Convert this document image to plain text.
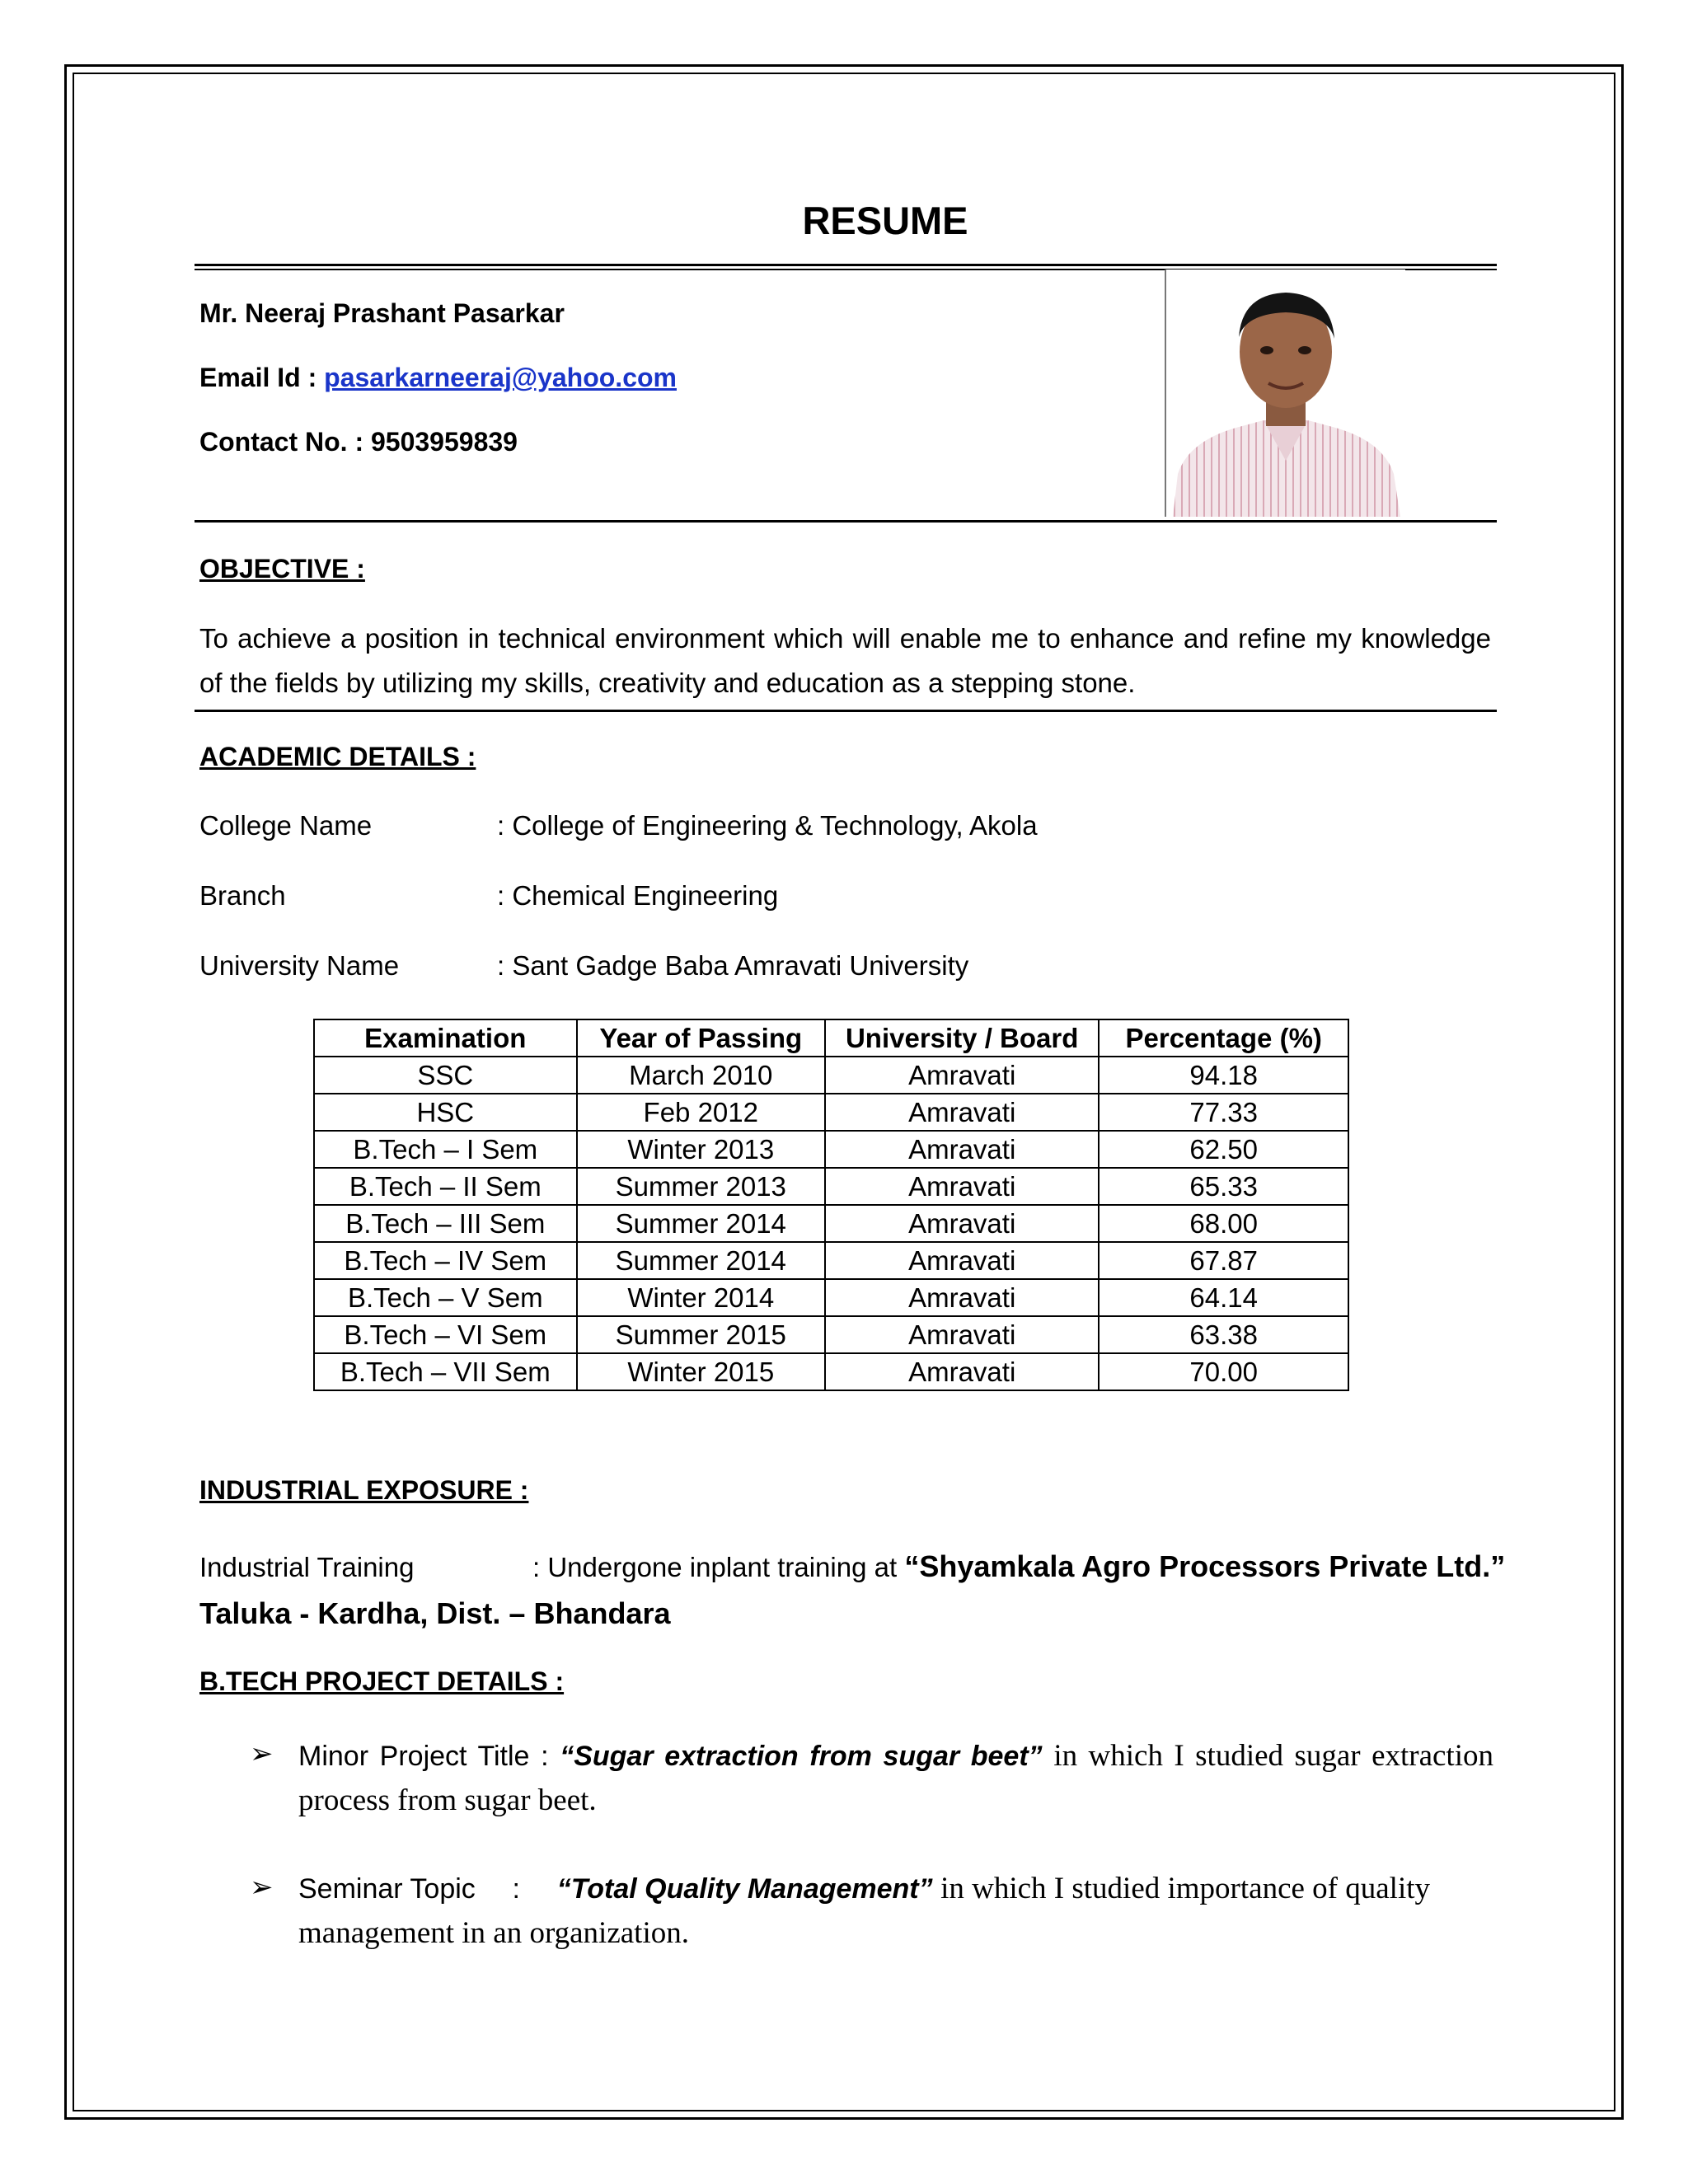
RESUME
Mr. Neeraj Prashant Pasarkar
Email Id : pasarkarneeraj@yahoo.com
Contact No. : 9503959839
OBJECTIVE :
To achieve a position in technical environment which will enable me to enhance and refine my knowledge of the fields by utilizing my skills, creativity and education as a stepping stone.
ACADEMIC DETAILS :
College Name	: College of Engineering & Technology, Akola
Branch	: Chemical Engineering
University Name	: Sant Gadge Baba Amravati University
Examination	Year of Passing	University / Board	Percentage (%)
SSC	March 2010	Amravati	94.18
HSC	Feb 2012	Amravati	77.33
B.Tech – I Sem	Winter 2013	Amravati	62.50
B.Tech – II Sem	Summer 2013	Amravati	65.33
B.Tech – III Sem	Summer 2014	Amravati	68.00
B.Tech – IV Sem	Summer 2014	Amravati	67.87
B.Tech – V Sem	Winter 2014	Amravati	64.14
B.Tech – VI Sem	Summer 2015	Amravati	63.38
B.Tech – VII Sem	Winter 2015	Amravati	70.00
INDUSTRIAL EXPOSURE :
Industrial Training	: Undergone inplant training at “Shyamkala Agro Processors Private Ltd.”
Taluka - Kardha, Dist. – Bhandara
B.TECH PROJECT DETAILS :
➢ Minor Project Title : “Sugar extraction from sugar beet” in which I studied sugar extraction process from sugar beet.
➢ Seminar Topic : “Total Quality Management” in which I studied importance of quality management in an organization.
